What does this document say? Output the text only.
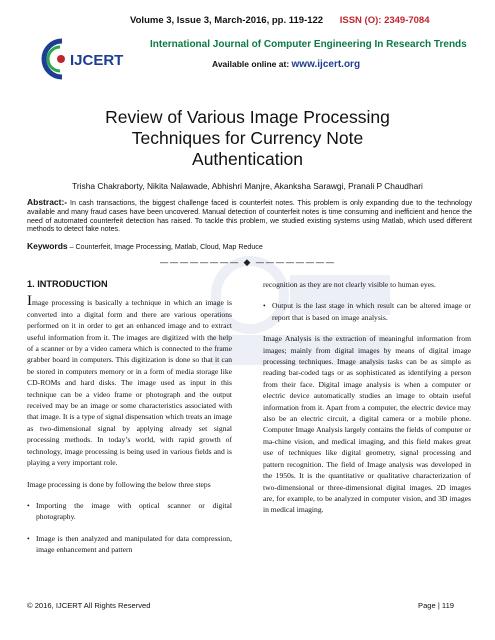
Volume 3, Issue 3, March-2016, pp. 119-122 ISSN (O): 2349-7084
IJCERT
International Journal of Computer Engineering In Research Trends
Available online at: www.ijcert.org
Review of Various Image Processing
Techniques for Currency Note
Authentication
Trisha Chakraborty, Nikita Nalawade, Abhishri Manjre, Akanksha Sarawgi, Pranali P Chaudhari
Abstract:- In cash transactions, the biggest challenge faced is counterfeit notes. This problem is only expanding due to the technology available and many fraud cases have been uncovered. Manual detection of counterfeit notes is time consuming and inefficient and hence the need of automated counterfeit detection has raised. To tackle this problem, we studied existing systems using Matlab, which used different methods to detect fake notes.
Keywords – Counterfeit, Image Processing, Matlab, Cloud, Map Reduce
———————— ◆ ————————
1. INTRODUCTION

Image processing is basically a technique in which an image is converted into a digital form and there are various operations performed on it in order to get an enhanced image and to extract useful information from it. The images are digitized with the help of a scanner or by a video camera which is connected to the frame grabber board in computers. This digitization is done so that it can be stored in computers memory or in a form of media storage like CD-ROMs and hard disks. The image used as input in this technique can be a video frame or photograph and the output received may be an image or some characteristics associated with that image. It is a type of signal dispensation which treats an image as two-dimensional signal by applying already set signal processing methods. In today’s world, with rapid growth of technology, image processing is being used in various fields and is playing a very important role.

Image processing is done by following the below three steps

• Importing the image with optical scanner or digital photography.

• Image is then analyzed and manipulated for data compression, image enhancement and pattern

recognition as they are not clearly visible to human eyes.

• Output is the last stage in which result can be altered image or report that is based on image analysis.

Image Analysis is the extraction of meaningful information from images; mainly from digital images by means of digital image processing techniques. Image analysis tasks can be as simple as reading bar-coded tags or as sophisticated as identifying a person from their face. Digital image analysis is when a computer or electric device automatically studies an image to obtain useful information from it. Apart from a computer, the electric device may also be an electric circuit, a digital camera or a mobile phone. Computer Image Analysis largely contains the fields of computer or ma-chine vision, and medical imaging, and this field makes great use of techniques like digital geometry, signal processing and pattern recognition. The field of Image analysis was developed in the 1950s. It is the quantitative or qualitative characterization of two-dimensional or three-dimensional digital images. 2D images are, for example, to be analyzed in computer vision, and 3D images in medical imaging.

© 2016, IJCERT All Rights Reserved	Page | 119
